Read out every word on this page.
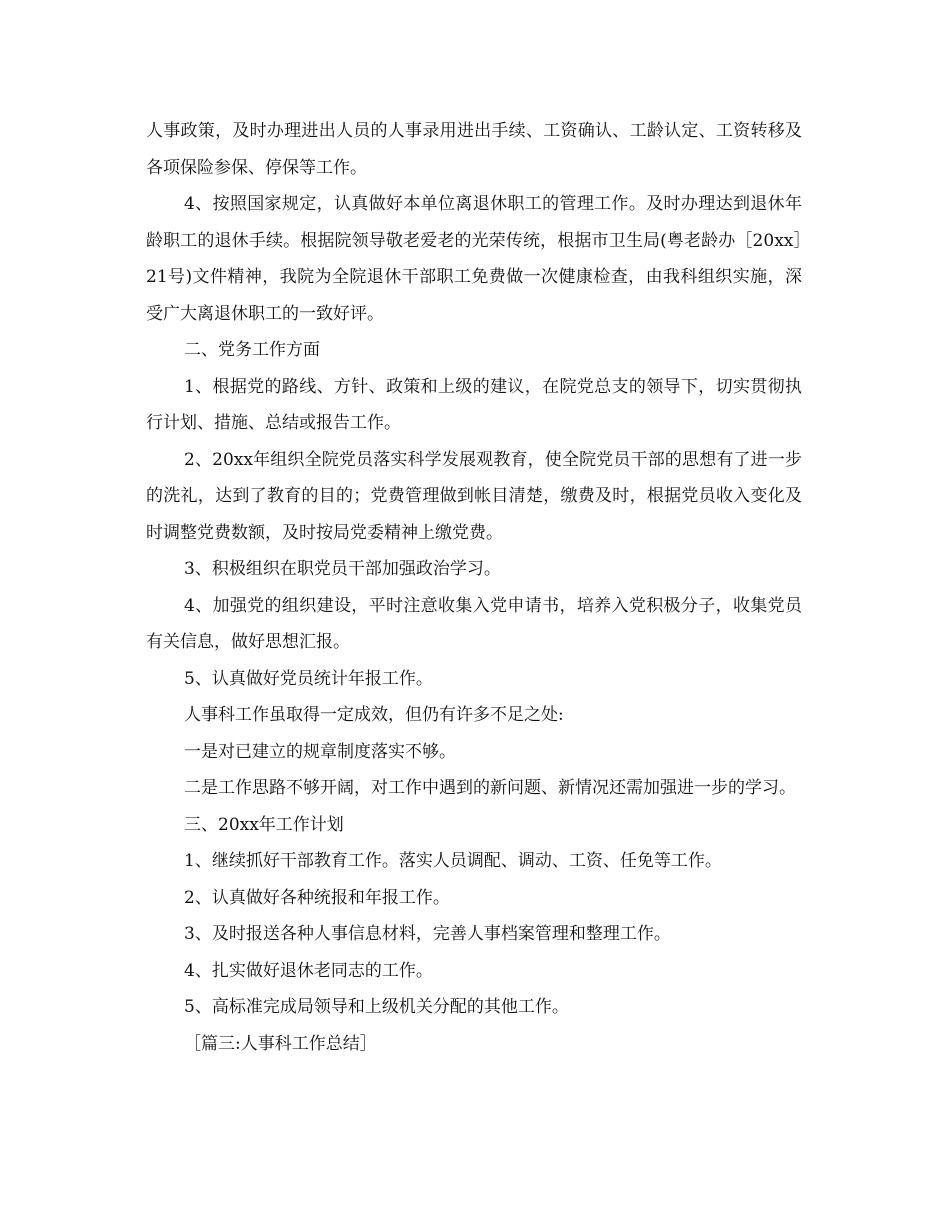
人事政策，及时办理进出人员的人事录用进出手续、工资确认、工龄认定、工资转移及各项保险参保、停保等工作。

4、按照国家规定，认真做好本单位离退休职工的管理工作。及时办理达到退休年龄职工的退休手续。根据院领导敬老爱老的光荣传统，根据市卫生局(粤老龄办［20xx］21号)文件精神，我院为全院退休干部职工免费做一次健康检查，由我科组织实施，深受广大离退休职工的一致好评。

二、党务工作方面

1、根据党的路线、方针、政策和上级的建议，在院党总支的领导下，切实贯彻执行计划、措施、总结或报告工作。

2、20xx年组织全院党员落实科学发展观教育，使全院党员干部的思想有了进一步的洗礼，达到了教育的目的；党费管理做到帐目清楚，缴费及时，根据党员收入变化及时调整党费数额，及时按局党委精神上缴党费。

3、积极组织在职党员干部加强政治学习。

4、加强党的组织建设，平时注意收集入党申请书，培养入党积极分子，收集党员有关信息，做好思想汇报。

5、认真做好党员统计年报工作。

人事科工作虽取得一定成效，但仍有许多不足之处:

一是对已建立的规章制度落实不够。

二是工作思路不够开阔，对工作中遇到的新问题、新情况还需加强进一步的学习。

三、20xx年工作计划

1、继续抓好干部教育工作。落实人员调配、调动、工资、任免等工作。

2、认真做好各种统报和年报工作。

3、及时报送各种人事信息材料，完善人事档案管理和整理工作。

4、扎实做好退休老同志的工作。

5、高标准完成局领导和上级机关分配的其他工作。

［篇三:人事科工作总结］
